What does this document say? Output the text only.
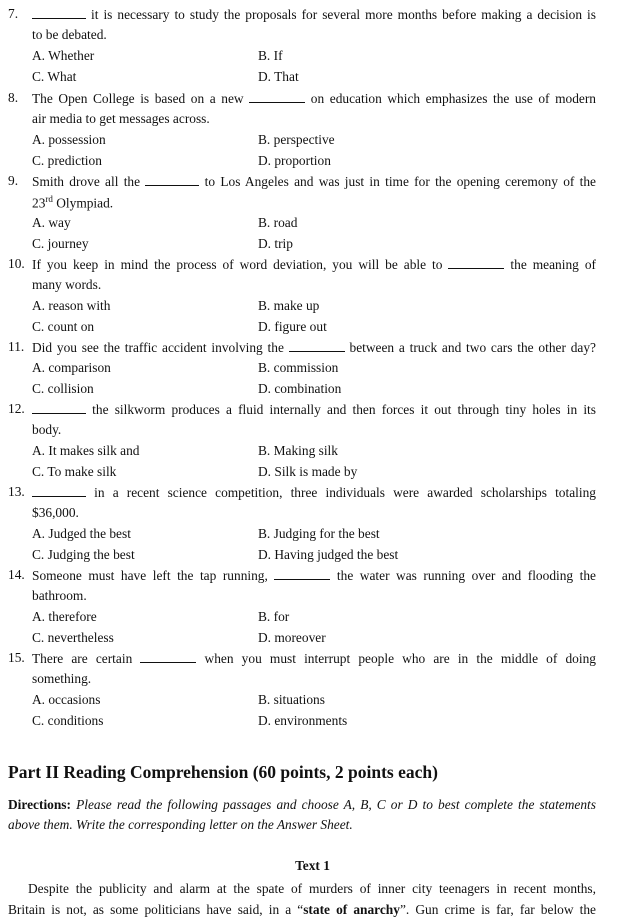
7.	it is necessary to study the proposals for several more months before making a decision is
to be debated.
A. Whether	B. If
C. What	D. That
8. The Open College is based on a new	on education which emphasizes the use of modern
air media to get messages across.
A. possession	B. perspective
C. prediction	D. proportion
9. Smith drove all the	to Los Angeles and was just in time for the opening ceremony of the
23rd Olympiad.
A. way	B. road
C. journey	D. trip
10. If you keep in mind the process of word deviation, you will be able to	the meaning of
many words.
A. reason with	B. make up
C. count on	D. figure out
11. Did you see the traffic accident involving the	between a truck and two cars the other day?
A. comparison	B. commission
C. collision	D. combination
12.	the silkworm produces a fluid internally and then forces it out through tiny holes in its
body.
A. It makes silk and	B. Making silk
C. To make silk	D. Silk is made by
13.	in a recent science competition, three individuals were awarded scholarships totaling
$36,000.
A. Judged the best	B. Judging for the best
C. Judging the best	D. Having judged the best
14. Someone must have left the tap running,	the water was running over and flooding the
bathroom.
A. therefore	B. for
C. nevertheless	D. moreover
15. There are certain	when you must interrupt people who are in the middle of doing
something.
A. occasions	B. situations
C. conditions	D. environments
Part II Reading Comprehension (60 points, 2 points each)
Directions: Please read the following passages and choose A, B, C or D to best complete the statements
above them. Write the corresponding letter on the Answer Sheet.
Text 1
Despite the publicity and alarm at the spate of murders of inner city teenagers in recent months,
Britain is not, as some politicians have said, in a “state of anarchy”. Gun crime is far, far below the
